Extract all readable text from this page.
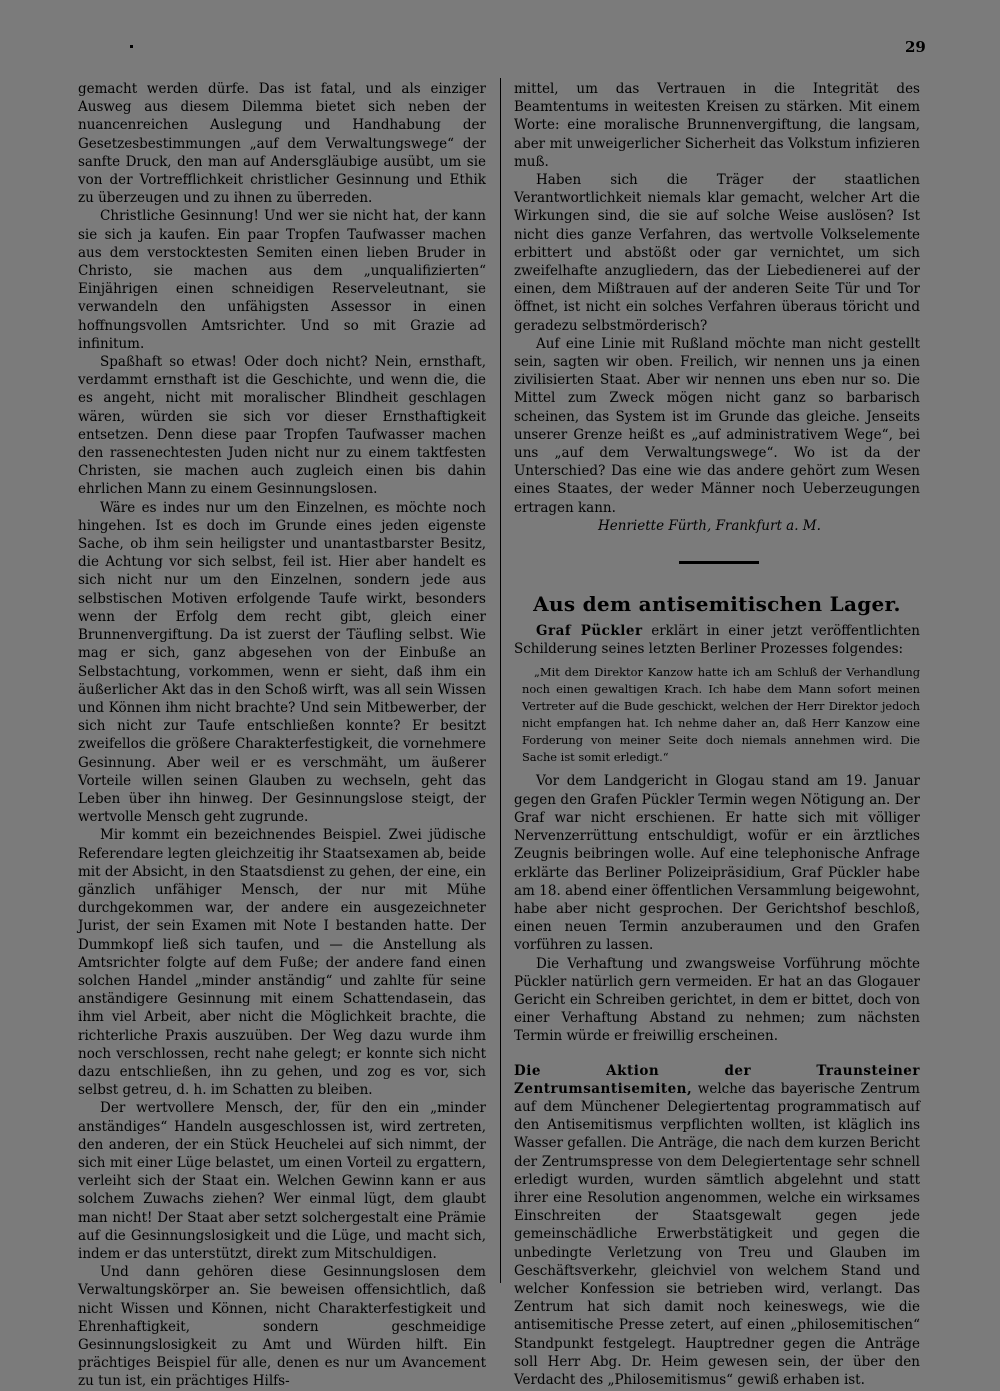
29

gemacht werden dürfe. Das ist fatal, und als einziger Ausweg aus diesem Dilemma bietet sich neben der nuancenreichen Auslegung und Handhabung der Gesetzesbestimmungen „auf dem Verwaltungswege“ der sanfte Druck, den man auf Andersgläubige ausübt, um sie von der Vortrefflichkeit christlicher Gesinnung und Ethik zu überzeugen und zu ihnen zu überreden.

Christliche Gesinnung! Und wer sie nicht hat, der kann sie sich ja kaufen. Ein paar Tropfen Taufwasser machen aus dem verstocktesten Semiten einen lieben Bruder in Christo, sie machen aus dem „unqualifizierten“ Einjährigen einen schneidigen Reserveleutnant, sie verwandeln den unfähigsten Assessor in einen hoffnungsvollen Amtsrichter. Und so mit Grazie ad infinitum.

Spaßhaft so etwas! Oder doch nicht? Nein, ernsthaft, verdammt ernsthaft ist die Geschichte, und wenn die, die es angeht, nicht mit moralischer Blindheit geschlagen wären, würden sie sich vor dieser Ernsthaftigkeit entsetzen. Denn diese paar Tropfen Taufwasser machen den rassenechtesten Juden nicht nur zu einem taktfesten Christen, sie machen auch zugleich einen bis dahin ehrlichen Mann zu einem Gesinnungslosen.

Wäre es indes nur um den Einzelnen, es möchte noch hingehen. Ist es doch im Grunde eines jeden eigenste Sache, ob ihm sein heiligster und unantastbarster Besitz, die Achtung vor sich selbst, feil ist. Hier aber handelt es sich nicht nur um den Einzelnen, sondern jede aus selbstischen Motiven erfolgende Taufe wirkt, besonders wenn der Erfolg dem recht gibt, gleich einer Brunnenvergiftung. Da ist zuerst der Täufling selbst. Wie mag er sich, ganz abgesehen von der Einbuße an Selbstachtung, vorkommen, wenn er sieht, daß ihm ein äußerlicher Akt das in den Schoß wirft, was all sein Wissen und Können ihm nicht brachte? Und sein Mitbewerber, der sich nicht zur Taufe entschließen konnte? Er besitzt zweifellos die größere Charakterfestigkeit, die vornehmere Gesinnung. Aber weil er es verschmäht, um äußerer Vorteile willen seinen Glauben zu wechseln, geht das Leben über ihn hinweg. Der Gesinnungslose steigt, der wertvolle Mensch geht zugrunde.

Mir kommt ein bezeichnendes Beispiel. Zwei jüdische Referendare legten gleichzeitig ihr Staatsexamen ab, beide mit der Absicht, in den Staatsdienst zu gehen, der eine, ein gänzlich unfähiger Mensch, der nur mit Mühe durchgekommen war, der andere ein ausgezeichneter Jurist, der sein Examen mit Note I bestanden hatte. Der Dummkopf ließ sich taufen, und — die Anstellung als Amtsrichter folgte auf dem Fuße; der andere fand einen solchen Handel „minder anständig“ und zahlte für seine anständigere Gesinnung mit einem Schattendasein, das ihm viel Arbeit, aber nicht die Möglichkeit brachte, die richterliche Praxis auszuüben. Der Weg dazu wurde ihm noch verschlossen, recht nahe gelegt; er konnte sich nicht dazu entschließen, ihn zu gehen, und zog es vor, sich selbst getreu, d. h. im Schatten zu bleiben.

Der wertvollere Mensch, der, für den ein „minder anständiges“ Handeln ausgeschlossen ist, wird zertreten, den anderen, der ein Stück Heuchelei auf sich nimmt, der sich mit einer Lüge belastet, um einen Vorteil zu ergattern, verleiht sich der Staat ein. Welchen Gewinn kann er aus solchem Zuwachs ziehen? Wer einmal lügt, dem glaubt man nicht! Der Staat aber setzt solchergestalt eine Prämie auf die Gesinnungslosigkeit und die Lüge, und macht sich, indem er das unterstützt, direkt zum Mitschuldigen.

Und dann gehören diese Gesinnungslosen dem Verwaltungskörper an. Sie beweisen offensichtlich, daß nicht Wissen und Können, nicht Charakterfestigkeit und Ehrenhaftigkeit, sondern geschmeidige Gesinnungslosigkeit zu Amt und Würden hilft. Ein prächtiges Beispiel für alle, denen es nur um Avancement zu tun ist, ein prächtiges Hilfs-

mittel, um das Vertrauen in die Integrität des Beamtentums in weitesten Kreisen zu stärken. Mit einem Worte: eine moralische Brunnenvergiftung, die langsam, aber mit unweigerlicher Sicherheit das Volkstum infizieren muß.

Haben sich die Träger der staatlichen Verantwortlichkeit niemals klar gemacht, welcher Art die Wirkungen sind, die sie auf solche Weise auslösen? Ist nicht dies ganze Verfahren, das wertvolle Volkselemente erbittert und abstößt oder gar vernichtet, um sich zweifelhafte anzugliedern, das der Liebedienerei auf der einen, dem Mißtrauen auf der anderen Seite Tür und Tor öffnet, ist nicht ein solches Verfahren überaus töricht und geradezu selbstmörderisch?

Auf eine Linie mit Rußland möchte man nicht gestellt sein, sagten wir oben. Freilich, wir nennen uns ja einen zivilisierten Staat. Aber wir nennen uns eben nur so. Die Mittel zum Zweck mögen nicht ganz so barbarisch scheinen, das System ist im Grunde das gleiche. Jenseits unserer Grenze heißt es „auf administrativem Wege“, bei uns „auf dem Verwaltungswege“. Wo ist da der Unterschied? Das eine wie das andere gehört zum Wesen eines Staates, der weder Männer noch Ueberzeugungen ertragen kann.

Henriette Fürth, Frankfurt a. M.

Aus dem antisemitischen Lager.

Graf Pückler erklärt in einer jetzt veröffentlichten Schilderung seines letzten Berliner Prozesses folgendes:

„Mit dem Direktor Kanzow hatte ich am Schluß der Verhandlung noch einen gewaltigen Krach. Ich habe dem Mann sofort meinen Vertreter auf die Bude geschickt, welchen der Herr Direktor jedoch nicht empfangen hat. Ich nehme daher an, daß Herr Kanzow eine Forderung von meiner Seite doch niemals annehmen wird. Die Sache ist somit erledigt.“

Vor dem Landgericht in Glogau stand am 19. Januar gegen den Grafen Pückler Termin wegen Nötigung an. Der Graf war nicht erschienen. Er hatte sich mit völliger Nervenzerrüttung entschuldigt, wofür er ein ärztliches Zeugnis beibringen wolle. Auf eine telephonische Anfrage erklärte das Berliner Polizeipräsidium, Graf Pückler habe am 18. abend einer öffentlichen Versammlung beigewohnt, habe aber nicht gesprochen. Der Gerichtshof beschloß, einen neuen Termin anzuberaumen und den Grafen vorführen zu lassen.

Die Verhaftung und zwangsweise Vorführung möchte Pückler natürlich gern vermeiden. Er hat an das Glogauer Gericht ein Schreiben gerichtet, in dem er bittet, doch von einer Verhaftung Abstand zu nehmen; zum nächsten Termin würde er freiwillig erscheinen.

Die Aktion der Traunsteiner Zentrumsantisemiten, welche das bayerische Zentrum auf dem Münchener Delegiertentag programmatisch auf den Antisemitismus verpflichten wollten, ist kläglich ins Wasser gefallen. Die Anträge, die nach dem kurzen Bericht der Zentrumspresse von dem Delegiertentage sehr schnell erledigt wurden, wurden sämtlich abgelehnt und statt ihrer eine Resolution angenommen, welche ein wirksames Einschreiten der Staatsgewalt gegen jede gemeinschädliche Erwerbstätigkeit und gegen die unbedingte Verletzung von Treu und Glauben im Geschäftsverkehr, gleichviel von welchem Stand und welcher Konfession sie betrieben wird, verlangt. Das Zentrum hat sich damit noch keineswegs, wie die antisemitische Presse zetert, auf einen „philosemitischen“ Standpunkt festgelegt. Hauptredner gegen die Anträge soll Herr Abg. Dr. Heim gewesen sein, der über den Verdacht des „Philosemitismus“ gewiß erhaben ist.
